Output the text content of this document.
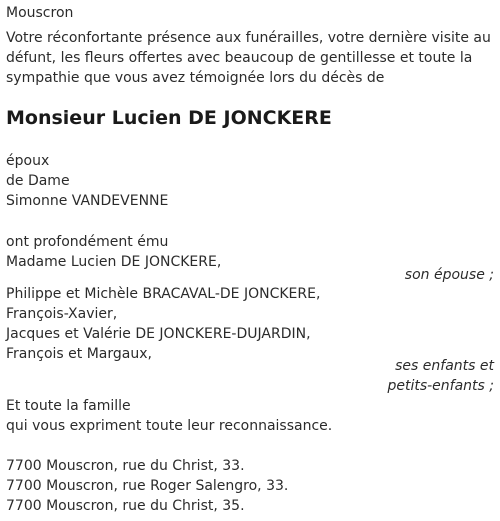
Mouscron
Votre réconfortante présence aux funérailles, votre dernière visite au
défunt, les fleurs offertes avec beaucoup de gentillesse et toute la
sympathie que vous avez témoignée lors du décès de
Monsieur Lucien DE JONCKERE
époux
de Dame
Simonne VANDEVENNE
ont profondément ému
Madame Lucien DE JONCKERE,
son épouse ;
Philippe et Michèle BRACAVAL-DE JONCKERE,
François-Xavier,
Jacques et Valérie DE JONCKERE-DUJARDIN,
François et Margaux,
ses enfants et
petits-enfants ;
Et toute la famille
qui vous expriment toute leur reconnaissance.
7700 Mouscron, rue du Christ, 33.
7700 Mouscron, rue Roger Salengro, 33.
7700 Mouscron, rue du Christ, 35.
